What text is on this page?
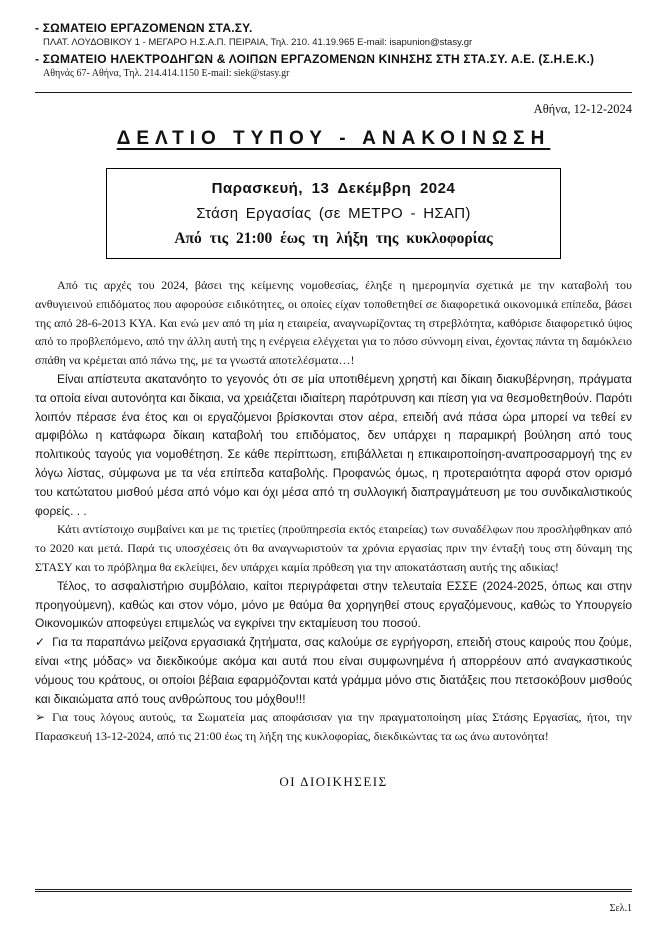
- ΣΩΜΑΤΕΙΟ ΕΡΓΑΖΟΜΕΝΩΝ ΣΤΑ.ΣΥ.
ΠΛΑΤ. ΛΟΥΔΟΒΙΚΟΥ 1 - ΜΕΓΑΡΟ Η.Σ.Α.Π. ΠΕΙΡΑΙΑ, Τηλ. 210. 41.19.965 E-mail: isapunion@stasy.gr
- ΣΩΜΑΤΕΙΟ ΗΛΕΚΤΡΟΔΗΓΩΝ & ΛΟΙΠΩΝ ΕΡΓΑΖΟΜΕΝΩΝ ΚΙΝΗΣΗΣ ΣΤΗ ΣΤΑ.ΣΥ. Α.Ε. (Σ.Η.Ε.Κ.)
Αθηνάς 67- Αθήνα, Τηλ. 214.414.1150 E-mail: siek@stasy.gr
Αθήνα, 12-12-2024
ΔΕΛΤΙΟ ΤΥΠΟΥ - ΑΝΑΚΟΙΝΩΣΗ
Παρασκευή, 13 Δεκέμβρη 2024
Στάση Εργασίας (σε ΜΕΤΡΟ - ΗΣΑΠ)
Από τις 21:00 έως τη λήξη της κυκλοφορίας

Από τις αρχές του 2024, βάσει της κείμενης νομοθεσίας, έληξε η ημερομηνία σχετικά με την καταβολή του ανθυγιεινού επιδόματος που αφορούσε ειδικότητες, οι οποίες είχαν τοποθετηθεί σε διαφορετικά οικονομικά επίπεδα, βάσει της από 28-6-2013 ΚΥΑ. Και ενώ μεν από τη μία η εταιρεία, αναγνωρίζοντας τη στρεβλότητα, καθόρισε διαφορετικό ύψος από το προβλεπόμενο, από την άλλη αυτή της η ενέργεια ελέγχεται για το πόσο σύννομη είναι, έχοντας πάντα τη δαμόκλειο σπάθη να κρέμεται από πάνω της, με τα γνωστά αποτελέσματα…!

Είναι απίστευτα ακατανόητο το γεγονός ότι σε μία υποτιθέμενη χρηστή και δίκαιη διακυβέρνηση, πράγματα τα οποία είναι αυτονόητα και δίκαια, να χρειάζεται ιδιαίτερη παρότρυνση και πίεση για να θεσμοθετηθούν. Παρότι λοιπόν πέρασε ένα έτος και οι εργαζόμενοι βρίσκονται στον αέρα, επειδή ανά πάσα ώρα μπορεί να τεθεί εν αμφιβόλω η κατάφωρα δίκαιη καταβολή του επιδόματος, δεν υπάρχει η παραμικρή βούληση από τους πολιτικούς ταγούς για νομοθέτηση. Σε κάθε περίπτωση, επιβάλλεται η επικαιροποίηση-αναπροσαρμογή της εν λόγω λίστας, σύμφωνα με τα νέα επίπεδα καταβολής. Προφανώς όμως, η προτεραιότητα αφορά στον ορισμό του κατώτατου μισθού μέσα από νόμο και όχι μέσα από τη συλλογική διαπραγμάτευση με του συνδικαλιστικούς φορείς. . .

Κάτι αντίστοιχο συμβαίνει και με τις τριετίες (προϋπηρεσία εκτός εταιρείας) των συναδέλφων που προσλήφθηκαν από το 2020 και μετά. Παρά τις υποσχέσεις ότι θα αναγνωριστούν τα χρόνια εργασίας πριν την ένταξή τους στη δύναμη της ΣΤΑΣΥ και το πρόβλημα θα εκλείψει, δεν υπάρχει καμία πρόθεση για την αποκατάσταση αυτής της αδικίας!

Τέλος, το ασφαλιστήριο συμβόλαιο, καίτοι περιγράφεται στην τελευταία ΕΣΣΕ (2024-2025, όπως και στην προηγούμενη), καθώς και στον νόμο, μόνο με θαύμα θα χορηγηθεί στους εργαζόμενους, καθώς το Υπουργείο Οικονομικών αποφεύγει επιμελώς να εγκρίνει την εκταμίευση του ποσού.

✓ Για τα παραπάνω μείζονα εργασιακά ζητήματα, σας καλούμε σε εγρήγορση, επειδή στους καιρούς που ζούμε, είναι «της μόδας» να διεκδικούμε ακόμα και αυτά που είναι συμφωνημένα ή απορρέουν από αναγκαστικούς νόμους του κράτους, οι οποίοι βέβαια εφαρμόζονται κατά γράμμα μόνο στις διατάξεις που πετσοκόβουν μισθούς και δικαιώματα από τους ανθρώπους του μόχθου!!!

➢ Για τους λόγους αυτούς, τα Σωματεία μας αποφάσισαν για την πραγματοποίηση μίας Στάσης Εργασίας, ήτοι, την Παρασκευή 13-12-2024, από τις 21:00 έως τη λήξη της κυκλοφορίας, διεκδικώντας τα ως άνω αυτονόητα!

ΟΙ ΔΙΟΙΚΗΣΕΙΣ
Σελ.1
